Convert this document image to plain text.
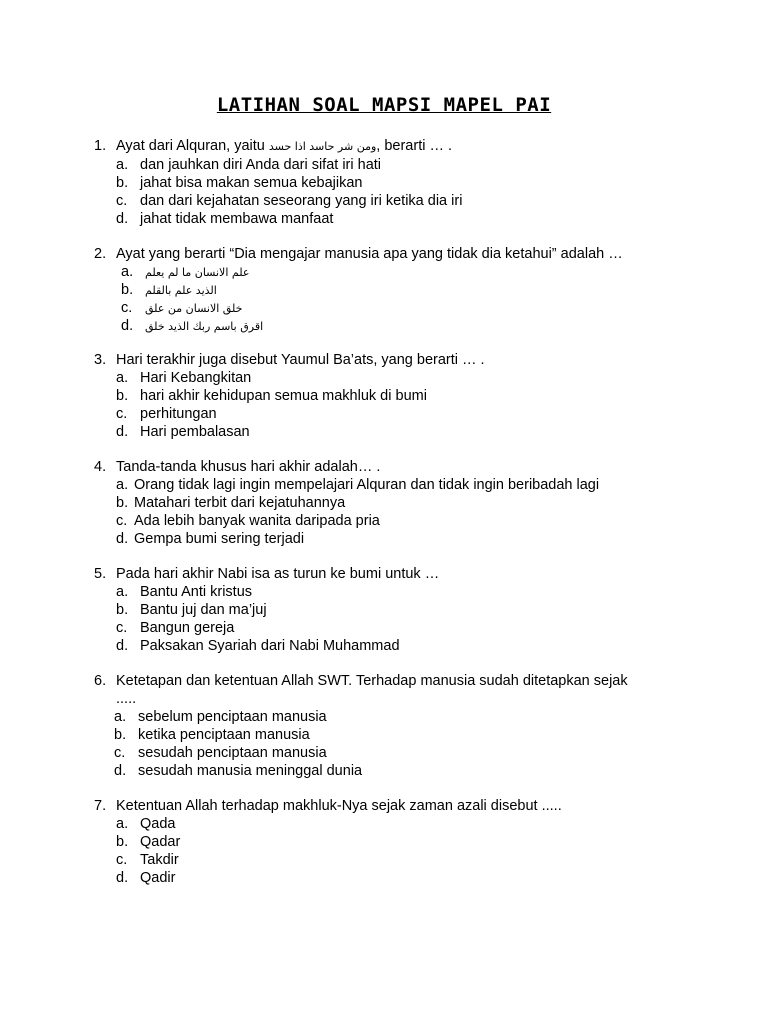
LATIHAN SOAL MAPSI MAPEL PAI
1. Ayat dari Alquran, yaitu ومن شر حاسد اذا حسد, berarti … .
a. dan jauhkan diri Anda dari sifat iri hati
b. jahat bisa makan semua kebajikan
c. dan dari kejahatan seseorang yang iri ketika dia iri
d. jahat tidak membawa manfaat
2. Ayat yang berarti “Dia mengajar manusia apa yang tidak dia ketahui” adalah …
a.	علم الانسان ما لم يعلم
b.	الذيد علم بالقلم
c.	خلق الانسان من علق
d.	اقرق باسم ربك الذيد خلق
3. Hari terakhir juga disebut Yaumul Ba’ats, yang berarti … .
a. Hari Kebangkitan
b. hari akhir kehidupan semua makhluk di bumi
c. perhitungan
d. Hari pembalasan
4. Tanda-tanda khusus hari akhir adalah… .
a. Orang tidak lagi ingin mempelajari Alquran dan tidak ingin beribadah lagi
b. Matahari terbit dari kejatuhannya
c. Ada lebih banyak wanita daripada pria
d. Gempa bumi sering terjadi
5. Pada hari akhir Nabi isa as turun ke bumi untuk …
a. Bantu Anti kristus
b. Bantu juj dan ma’juj
c. Bangun gereja
d. Paksakan Syariah dari Nabi Muhammad
6. Ketetapan dan ketentuan Allah SWT. Terhadap manusia sudah ditetapkan sejak
.....
a. sebelum penciptaan manusia
b. ketika penciptaan manusia
c. sesudah penciptaan manusia
d. sesudah manusia meninggal dunia
7. Ketentuan Allah terhadap makhluk-Nya sejak zaman azali disebut .....
a. Qada
b. Qadar
c. Takdir
d. Qadir
